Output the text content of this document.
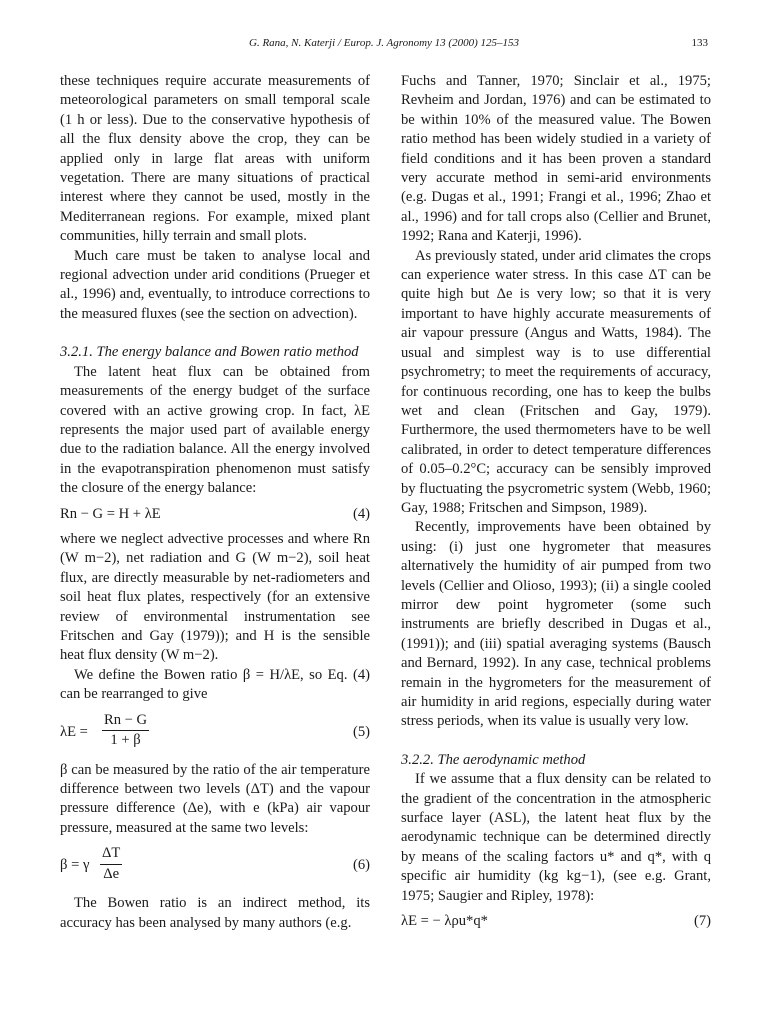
G. Rana, N. Katerji / Europ. J. Agronomy 13 (2000) 125–153	133

these techniques require accurate measurements of meteorological parameters on small temporal scale (1 h or less). Due to the conservative hypothesis of all the flux density above the crop, they can be applied only in large flat areas with uniform vegetation. There are many situations of practical interest where they cannot be used, mostly in the Mediterranean regions. For example, mixed plant communities, hilly terrain and small plots.

Much care must be taken to analyse local and regional advection under arid conditions (Prueger et al., 1996) and, eventually, to introduce corrections to the measured fluxes (see the section on advection).

3.2.1. The energy balance and Bowen ratio method

The latent heat flux can be obtained from measurements of the energy budget of the surface covered with an active growing crop. In fact, λE represents the major used part of available energy due to the radiation balance. All the energy involved in the evapotranspiration phenomenon must satisfy the closure of the energy balance:

Rn − G = H + λE	(4)

where we neglect advective processes and where Rn (W m−2), net radiation and G (W m−2), soil heat flux, are directly measurable by net-radiometers and soil heat flux plates, respectively (for an extensive review of environmental instrumentation see Fritschen and Gay (1979)); and H is the sensible heat flux density (W m−2).

We define the Bowen ratio β = H/λE, so Eq. (4) can be rearranged to give

$\lambda E = \frac{Rn - G}{1 + \beta}$	(5)

β can be measured by the ratio of the air temperature difference between two levels (ΔT) and the vapour pressure difference (Δe), with e (kPa) air vapour pressure, measured at the same two levels:

β = γ $\frac{\Delta T}{\Delta e}$	(6)

The Bowen ratio is an indirect method, its accuracy has been analysed by many authors (e.g.

Fuchs and Tanner, 1970; Sinclair et al., 1975; Revheim and Jordan, 1976) and can be estimated to be within 10% of the measured value. The Bowen ratio method has been widely studied in a variety of field conditions and it has been proven a standard very accurate method in semi-arid environments (e.g. Dugas et al., 1991; Frangi et al., 1996; Zhao et al., 1996) and for tall crops also (Cellier and Brunet, 1992; Rana and Katerji, 1996).

As previously stated, under arid climates the crops can experience water stress. In this case ΔT can be quite high but Δe is very low; so that it is very important to have highly accurate measurements of air vapour pressure (Angus and Watts, 1984). The usual and simplest way is to use differential psychrometry; to meet the requirements of accuracy, for continuous recording, one has to keep the bulbs wet and clean (Fritschen and Gay, 1979). Furthermore, the used thermometers have to be well calibrated, in order to detect temperature differences of 0.05–0.2°C; accuracy can be sensibly improved by fluctuating the psycrometric system (Webb, 1960; Gay, 1988; Fritschen and Simpson, 1989).

Recently, improvements have been obtained by using: (i) just one hygrometer that measures alternatively the humidity of air pumped from two levels (Cellier and Olioso, 1993); (ii) a single cooled mirror dew point hygrometer (some such instruments are briefly described in Dugas et al., (1991)); and (iii) spatial averaging systems (Bausch and Bernard, 1992). In any case, technical problems remain in the hygrometers for the measurement of air humidity in arid regions, especially during water stress periods, when its value is usually very low.

3.2.2. The aerodynamic method

If we assume that a flux density can be related to the gradient of the concentration in the atmospheric surface layer (ASL), the latent heat flux by the aerodynamic technique can be determined directly by means of the scaling factors u* and q*, with q specific air humidity (kg kg−1), (see e.g. Grant, 1975; Saugier and Ripley, 1978):

λE = − λρu*q*	(7)
